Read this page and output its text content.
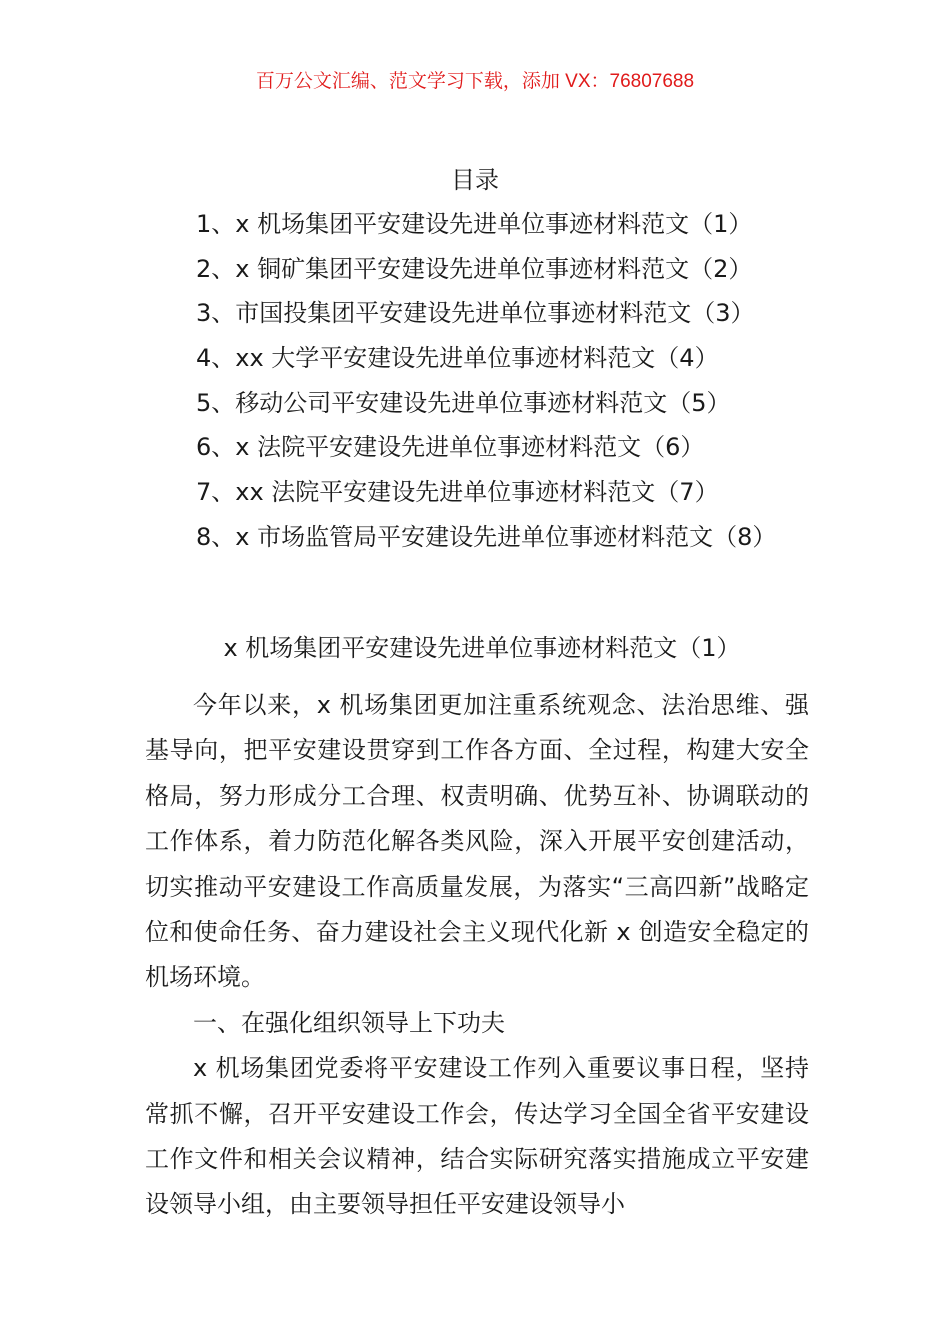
百万公文汇编、范文学习下载，添加 VX：76807688
目录
1、x 机场集团平安建设先进单位事迹材料范文（1）
2、x 铜矿集团平安建设先进单位事迹材料范文（2）
3、市国投集团平安建设先进单位事迹材料范文（3）
4、xx 大学平安建设先进单位事迹材料范文（4）
5、移动公司平安建设先进单位事迹材料范文（5）
6、x 法院平安建设先进单位事迹材料范文（6）
7、xx 法院平安建设先进单位事迹材料范文（7）
8、x 市场监管局平安建设先进单位事迹材料范文（8）
x 机场集团平安建设先进单位事迹材料范文（1）

今年以来，x 机场集团更加注重系统观念、法治思维、强基导向，把平安建设贯穿到工作各方面、全过程，构建大安全格局，努力形成分工合理、权责明确、优势互补、协调联动的工作体系，着力防范化解各类风险，深入开展平安创建活动，切实推动平安建设工作高质量发展，为落实“三高四新”战略定位和使命任务、奋力建设社会主义现代化新 x 创造安全稳定的机场环境。

一、在强化组织领导上下功夫

x 机场集团党委将平安建设工作列入重要议事日程，坚持常抓不懈，召开平安建设工作会，传达学习全国全省平安建设工作文件和相关会议精神，结合实际研究落实措施成立平安建设领导小组，由主要领导担任平安建设领导小
